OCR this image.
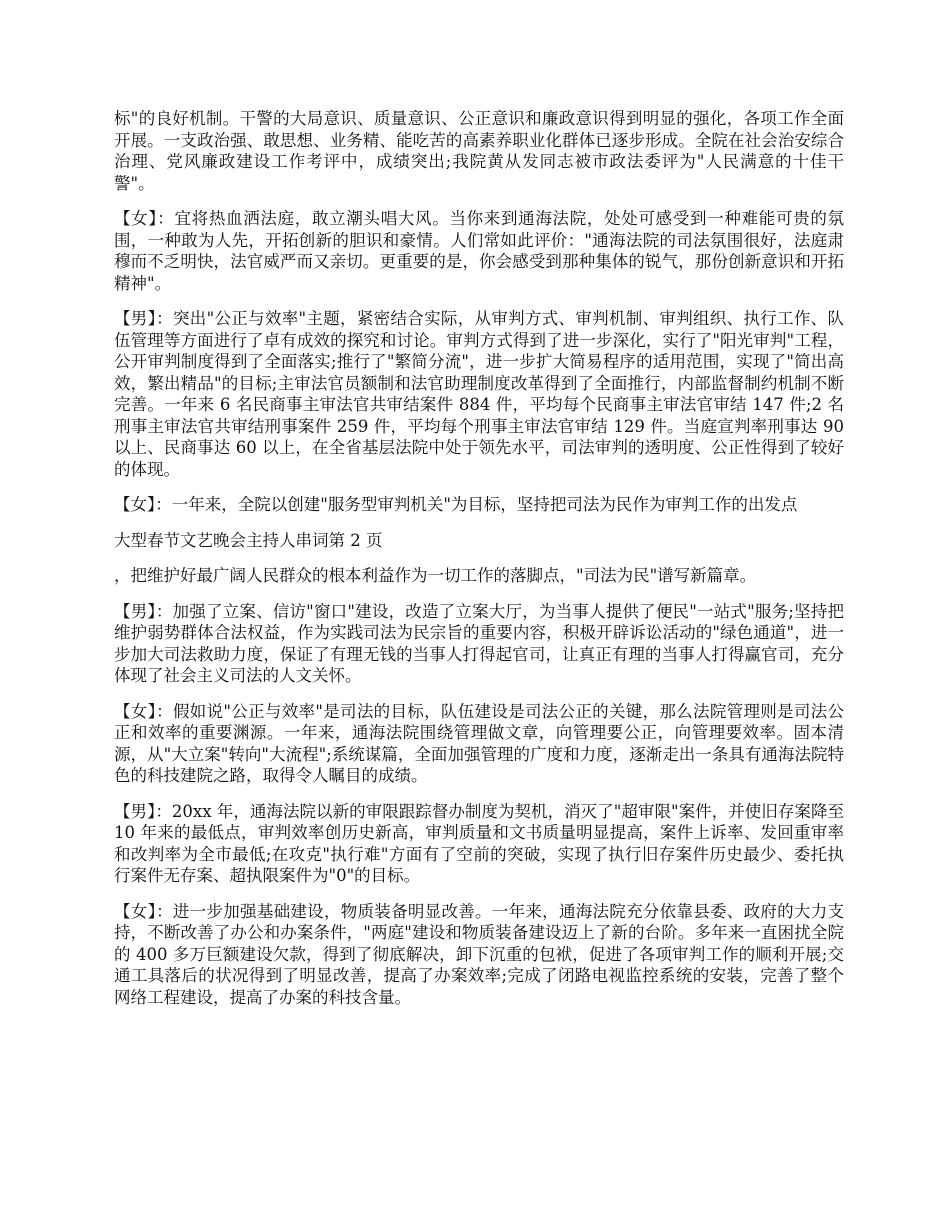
标"的良好机制。干警的大局意识、质量意识、公正意识和廉政意识得到明显的强化，各项工作全面开展。一支政治强、敢思想、业务精、能吃苦的高素养职业化群体已逐步形成。全院在社会治安综合治理、党风廉政建设工作考评中，成绩突出;我院黄从发同志被市政法委评为"人民满意的十佳干警"。

【女】：宜将热血洒法庭，敢立潮头唱大风。当你来到通海法院，处处可感受到一种难能可贵的氛围，一种敢为人先，开拓创新的胆识和豪情。人们常如此评价："通海法院的司法氛围很好，法庭肃穆而不乏明快，法官威严而又亲切。更重要的是，你会感受到那种集体的锐气，那份创新意识和开拓精神"。

【男】：突出"公正与效率"主题，紧密结合实际，从审判方式、审判机制、审判组织、执行工作、队伍管理等方面进行了卓有成效的探究和讨论。审判方式得到了进一步深化，实行了"阳光审判"工程，公开审判制度得到了全面落实;推行了"繁简分流"，进一步扩大简易程序的适用范围，实现了"简出高效，繁出精品"的目标;主审法官员额制和法官助理制度改革得到了全面推行，内部监督制约机制不断完善。一年来 6 名民商事主审法官共审结案件 884 件，平均每个民商事主审法官审结 147 件;2 名刑事主审法官共审结刑事案件 259 件，平均每个刑事主审法官审结 129 件。当庭宣判率刑事达 90 以上、民商事达 60 以上，在全省基层法院中处于领先水平，司法审判的透明度、公正性得到了较好的体现。

【女】：一年来，全院以创建"服务型审判机关"为目标，坚持把司法为民作为审判工作的出发点

大型春节文艺晚会主持人串词第 2 页

，把维护好最广阔人民群众的根本利益作为一切工作的落脚点，"司法为民"谱写新篇章。

【男】：加强了立案、信访"窗口"建设，改造了立案大厅，为当事人提供了便民"一站式"服务;坚持把维护弱势群体合法权益，作为实践司法为民宗旨的重要内容，积极开辟诉讼活动的"绿色通道"，进一步加大司法救助力度，保证了有理无钱的当事人打得起官司，让真正有理的当事人打得赢官司，充分体现了社会主义司法的人文关怀。

【女】：假如说"公正与效率"是司法的目标，队伍建设是司法公正的关键，那么法院管理则是司法公正和效率的重要渊源。一年来，通海法院围绕管理做文章，向管理要公正，向管理要效率。固本清源，从"大立案"转向"大流程";系统谋篇，全面加强管理的广度和力度，逐渐走出一条具有通海法院特色的科技建院之路，取得令人瞩目的成绩。

【男】：20xx 年，通海法院以新的审限跟踪督办制度为契机，消灭了"超审限"案件，并使旧存案降至 10 年来的最低点，审判效率创历史新高，审判质量和文书质量明显提高，案件上诉率、发回重审率和改判率为全市最低;在攻克"执行难"方面有了空前的突破，实现了执行旧存案件历史最少、委托执行案件无存案、超执限案件为"0"的目标。

【女】：进一步加强基础建设，物质装备明显改善。一年来，通海法院充分依靠县委、政府的大力支持，不断改善了办公和办案条件，"两庭"建设和物质装备建设迈上了新的台阶。多年来一直困扰全院的 400 多万巨额建设欠款，得到了彻底解决，卸下沉重的包袱，促进了各项审判工作的顺利开展;交通工具落后的状况得到了明显改善，提高了办案效率;完成了闭路电视监控系统的安装，完善了整个网络工程建设，提高了办案的科技含量。
